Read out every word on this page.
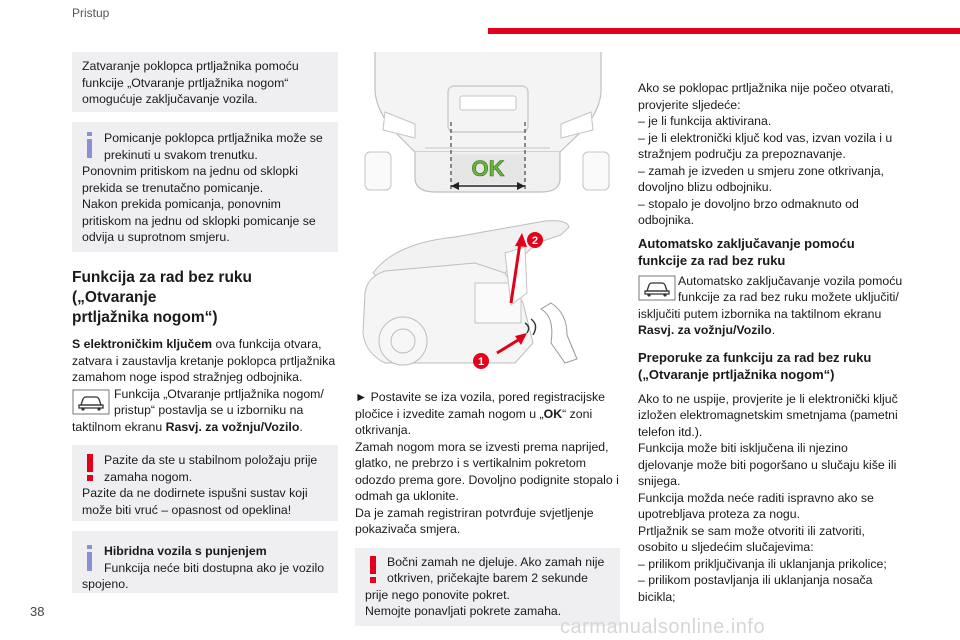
Pristup
Zatvaranje poklopca prtljažnika pomoću
funkcije „Otvaranje prtljažnika nogom“
omogućuje zaključavanje vozila.
Pomicanje poklopca prtljažnika može se
prekinuti u svakom trenutku.
Ponovnim pritiskom na jednu od sklopki
prekida se trenutačno pomicanje.
Nakon prekida pomicanja, ponovnim
pritiskom na jednu od sklopki pomicanje se
odvija u suprotnom smjeru.
Funkcija za rad bez ruku („Otvaranje
prtljažnika nogom“)
S elektroničkim ključem ova funkcija otvara,
zatvara i zaustavlja kretanje poklopca prtljažnika
zamahom noge ispod stražnjeg odbojnika.
Funkcija „Otvaranje prtljažnika nogom/
pristup“ postavlja se u izborniku na
taktilnom ekranu Rasvj. za vožnju/Vozilo.
Pazite da ste u stabilnom položaju prije
zamaha nogom.
Pazite da ne dodirnete ispušni sustav koji
može biti vruć – opasnost od opeklina!
Hibridna vozila s punjenjem
Funkcija neće biti dostupna ako je vozilo
spojeno.
OK

2
1
► Postavite se iza vozila, pored registracijske
pločice i izvedite zamah nogom u „OK“ zoni
otkrivanja.
Zamah nogom mora se izvesti prema naprijed,
glatko, ne prebrzo i s vertikalnim pokretom
odozdo prema gore. Dovoljno podignite stopalo i
odmah ga uklonite.
Da je zamah registriran potvrđuje svjetljenje
pokazivača smjera.
Bočni zamah ne djeluje. Ako zamah nije
otkriven, pričekajte barem 2 sekunde
prije nego ponovite pokret.
Nemojte ponavljati pokrete zamaha.
Ako se poklopac prtljažnika nije počeo otvarati,
provjerite sljedeće:
– je li funkcija aktivirana.
– je li elektronički ključ kod vas, izvan vozila i u
stražnjem području za prepoznavanje.
– zamah je izveden u smjeru zone otkrivanja,
dovoljno blizu odbojniku.
– stopalo je dovoljno brzo odmaknuto od
odbojnika.
Automatsko zaključavanje pomoću
funkcije za rad bez ruku
Automatsko zaključavanje vozila pomoću
funkcije za rad bez ruku možete uključiti/
isključiti putem izbornika na taktilnom ekranu
Rasvj. za vožnju/Vozilo.
Preporuke za funkciju za rad bez ruku
(„Otvaranje prtljažnika nogom“)
Ako to ne uspije, provjerite je li elektronički ključ
izložen elektromagnetskim smetnjama (pametni
telefon itd.).
Funkcija može biti isključena ili njezino
djelovanje može biti pogoršano u slučaju kiše ili
snijega.
Funkcija možda neće raditi ispravno ako se
upotrebljava proteza za nogu.
Prtljažnik se sam može otvoriti ili zatvoriti,
osobito u sljedećim slučajevima:
– prilikom priključivanja ili uklanjanja prikolice;
– prilikom postavljanja ili uklanjanja nosača
bicikla;
38
carmanualsonline.info
